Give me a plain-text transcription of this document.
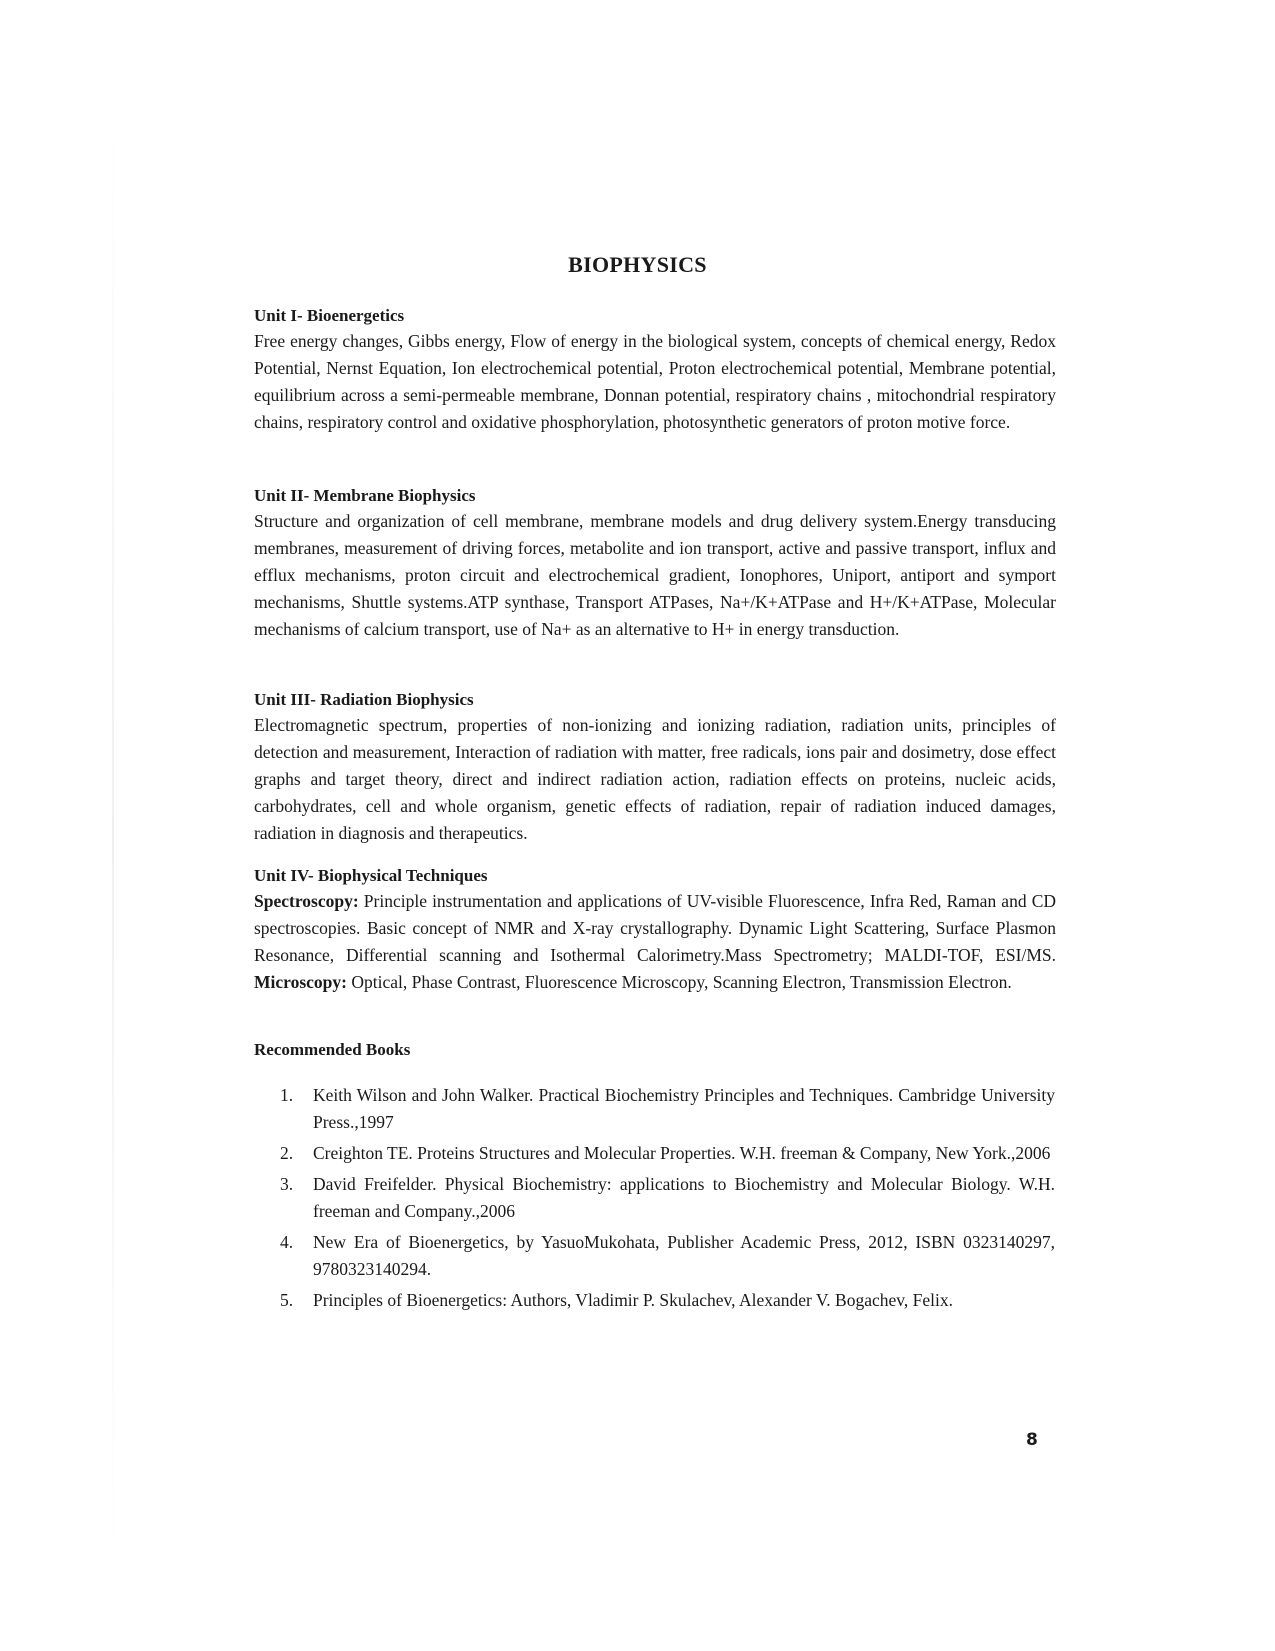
BIOPHYSICS
Unit I- Bioenergetics

Free energy changes, Gibbs energy, Flow of energy in the biological system, concepts of chemical energy, Redox Potential, Nernst Equation, Ion electrochemical potential, Proton electrochemical potential, Membrane potential, equilibrium across a semi-permeable membrane, Donnan potential, respiratory chains , mitochondrial respiratory chains, respiratory control and oxidative phosphorylation, photosynthetic generators of proton motive force.

Unit II- Membrane Biophysics

Structure and organization of cell membrane, membrane models and drug delivery system.Energy transducing membranes, measurement of driving forces, metabolite and ion transport, active and passive transport, influx and efflux mechanisms, proton circuit and electrochemical gradient, Ionophores, Uniport, antiport and symport mechanisms, Shuttle systems.ATP synthase, Transport ATPases, Na+/K+ATPase and H+/K+ATPase, Molecular mechanisms of calcium transport, use of Na+ as an alternative to H+ in energy transduction.

Unit III- Radiation Biophysics

Electromagnetic spectrum, properties of non-ionizing and ionizing radiation, radiation units, principles of detection and measurement, Interaction of radiation with matter, free radicals, ions pair and dosimetry, dose effect graphs and target theory, direct and indirect radiation action, radiation effects on proteins, nucleic acids, carbohydrates, cell and whole organism, genetic effects of radiation, repair of radiation induced damages, radiation in diagnosis and therapeutics.

Unit IV- Biophysical Techniques

Spectroscopy: Principle instrumentation and applications of UV-visible Fluorescence, Infra Red, Raman and CD spectroscopies. Basic concept of NMR and X-ray crystallography. Dynamic Light Scattering, Surface Plasmon Resonance, Differential scanning and Isothermal Calorimetry.Mass Spectrometry; MALDI-TOF, ESI/MS. Microscopy: Optical, Phase Contrast, Fluorescence Microscopy, Scanning Electron, Transmission Electron.

Recommended Books
1. Keith Wilson and John Walker. Practical Biochemistry Principles and Techniques. Cambridge University Press.,1997
2. Creighton TE. Proteins Structures and Molecular Properties. W.H. freeman & Company, New York.,2006
3. David Freifelder. Physical Biochemistry: applications to Biochemistry and Molecular Biology. W.H. freeman and Company.,2006
4. New Era of Bioenergetics, by YasuoMukohata, Publisher Academic Press, 2012, ISBN 0323140297, 9780323140294.
5. Principles of Bioenergetics: Authors, Vladimir P. Skulachev, Alexander V. Bogachev, Felix.
8
